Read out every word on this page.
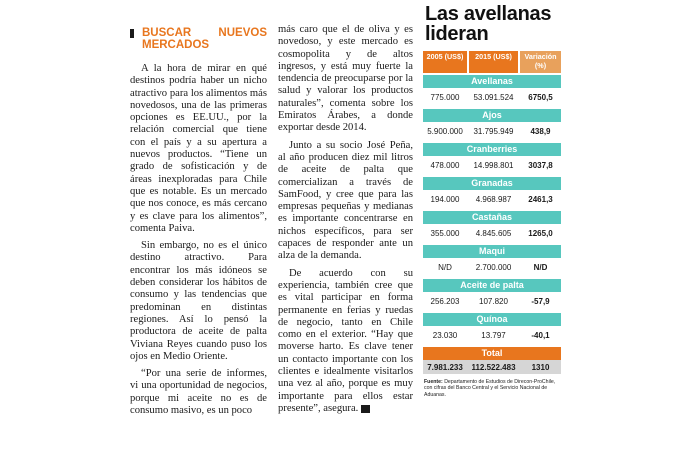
BUSCAR NUEVOS MERCADOS

A la hora de mirar en qué destinos podría haber un nicho atractivo para los alimentos más novedosos, una de las primeras opciones es EE.UU., por la relación comercial que tiene con el país y a su apertura a nuevos productos. “Tiene un grado de sofisticación y de áreas inexploradas para Chile que es notable. Es un mercado que nos conoce, es más cercano y es clave para los alimentos”, comenta Paiva.

Sin embargo, no es el único destino atractivo. Para encontrar los más idóneos se deben considerar los hábitos de consumo y las tendencias que predominan en distintas regiones. Así lo pensó la productora de aceite de palta Viviana Reyes cuando puso los ojos en Medio Oriente.

“Por una serie de informes, vi una oportunidad de negocios, porque mi aceite no es de consumo masivo, es un poco

más caro que el de oliva y es novedoso, y este mercado es cosmopolita y de altos ingresos, y está muy fuerte la tendencia de preocuparse por la salud y valorar los productos naturales”, comenta sobre los Emiratos Árabes, a donde exportar desde 2014.

Junto a su socio José Peña, al año producen diez mil litros de aceite de palta que comercializan a través de SamFood, y cree que para las empresas pequeñas y medianas es importante concentrarse en nichos específicos, para ser capaces de responder ante un alza de la demanda.

De acuerdo con su experiencia, también cree que es vital participar en forma permanente en ferias y ruedas de negocio, tanto en Chile como en el exterior. “Hay que moverse harto. Es clave tener un contacto importante con los clientes e idealmente visitarlos una vez al año, porque es muy importante para ellos estar presente”, asegura. ◢

Las avellanas lideran
2005 (US$)	2015 (US$)	Variación (%)
Avellanas
775.000	53.091.524	6750,5
Ajos
5.900.000	31.795.949	438,9
Cranberries
478.000	14.998.801	3037,8
Granadas
194.000	4.968.987	2461,3
Castañas
355.000	4.845.605	1265,0
Maqui
N/D	2.700.000	N/D
Aceite de palta
256.203	107.820	-57,9
Quínoa
23.030	13.797	-40,1
Total
7.981.233	112.522.483	1310
Fuente: Departamento de Estudios de Direcon-ProChile, con cifras del Banco Central y el Servicio Nacional de Aduanas.
